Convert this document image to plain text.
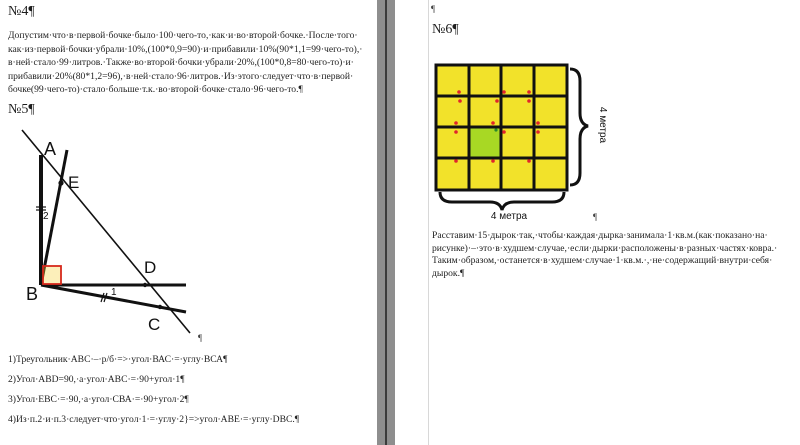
№4¶
Допустим·что·в·первой·бочке·было·100·чего-то,·как·и·во·второй·бочке.·После·того·
как·из·первой·бочки·убрали·10%,(100*0,9=90)·и·прибавили·10%(90*1,1=99·чего-то),·
в·ней·стало·99·литров.·Также·во·второй·бочки·убрали·20%,(100*0,8=80·чего-то)·и·
прибавили·20%(80*1,2=96),·в·ней·стало·96·литров.·Из·этого·следует·что·в·первой·
бочке(99·чего-то)·стало·больше·т.к.·во·второй·бочке·стало·96·чего-то.¶
№5¶
A
E
B
D
C
1
2
¶
1)Треугольник·АВС·–·р/б·=>·угол·ВАС·=·углу·ВСА¶
2)Угол·ABD=90,·а·угол·АВС·=·90+угол·1¶
3)Угол·ЕВС·=·90,·а·угол·СВА·=·90+угол·2¶
4)Из·п.2·и·п.3·следует·что·угол·1·=·углу·2}=>угол·АВЕ·=·углу·DBC.¶
¶
№6¶
4 метра
4 метра	¶
Расставим·15·дырок·так,·чтобы·каждая·дырка·занимала·1·кв.м.(как·показано·на·
рисунке)·–·это·в·худшем·случае,·если·дырки·расположены·в·разных·частях·ковра.·
Таким·образом,·останется·в·худшем·случае·1·кв.м.·,·не·содержащий·внутри·себя·
дырок.¶
